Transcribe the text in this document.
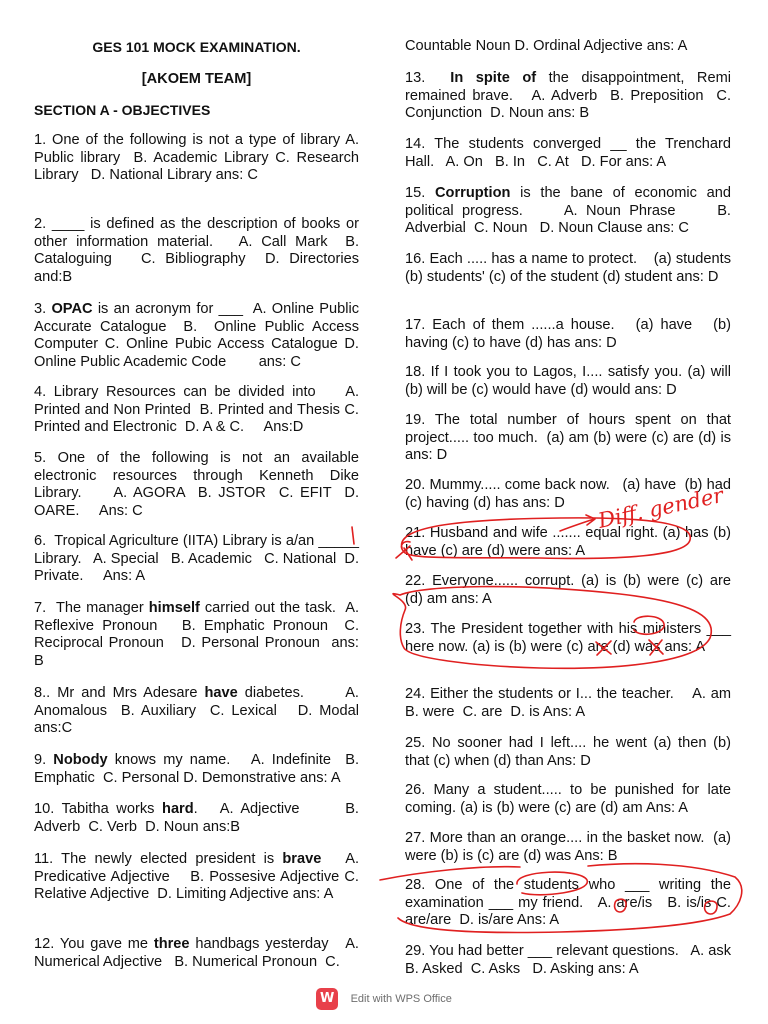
GES 101 MOCK EXAMINATION.

[AKOEM TEAM]

SECTION A - OBJECTIVES

1. One of the following is not a type of library A. Public library  B. Academic Library C. Research Library   D. National Library ans: C

2. ____ is defined as the description of books or other information material.   A. Call Mark  B. Cataloguing   C. Bibliography  D. Directories and:B

3. OPAC is an acronym for ___  A. Online Public Accurate Catalogue  B.  Online Public Access Computer C. Online Pubic Access Catalogue D. Online Public Academic Code        ans: C

4. Library Resources can be divided into    A. Printed and Non Printed  B. Printed and Thesis C. Printed and Electronic  D. A & C.     Ans:D

5. One of the following is not an available electronic resources through Kenneth Dike Library.     A. AGORA  B. JSTOR  C. EFIT  D. OARE.     Ans: C

6.  Tropical Agriculture (IITA) Library is a/an _____ Library.   A. Special   B. Academic   C. National  D. Private.     Ans: A

7.  The manager himself carried out the task.  A. Reflexive Pronoun   B. Emphatic Pronoun  C. Reciprocal Pronoun   D. Personal Pronoun  ans: B

8.. Mr and Mrs Adesare have diabetes.      A. Anomalous  B. Auxiliary  C. Lexical   D. Modal ans:C

9. Nobody knows my name.   A. Indefinite  B. Emphatic  C. Personal D. Demonstrative ans: A

10. Tabitha works hard.   A. Adjective      B. Adverb  C. Verb  D. Noun ans:B

11. The newly elected president is brave   A. Predicative Adjective    B. Possesive Adjective C. Relative Adjective  D. Limiting Adjective ans: A

12. You gave me three handbags yesterday   A. Numerical Adjective   B. Numerical Pronoun  C.

Countable Noun D. Ordinal Adjective ans: A

13.  In spite of the disappointment, Remi remained brave.   A. Adverb  B. Preposition  C. Conjunction  D. Noun ans: B

14. The students converged __ the Trenchard Hall.   A. On   B. In   C. At   D. For ans: A

15. Corruption is the bane of economic and political progress.     A. Noun Phrase     B. Adverbial  C. Noun   D. Noun Clause ans: C

16. Each ..... has a name to protect.    (a) students     (b) students' (c) of the student (d) student ans: D

17. Each of them ......a house.   (a) have   (b) having (c) to have (d) has ans: D

18. If I took you to Lagos, I.... satisfy you. (a) will (b) will be (c) would have (d) would ans: D

19. The total number of hours spent on that project..... too much.  (a) am (b) were (c) are (d) is ans: D

20. Mummy..... come back now.   (a) have  (b) had (c) having (d) has ans: D

21. Husband and wife ....... equal right. (a) has (b) have (c) are (d) were ans: A

22. Everyone...... corrupt. (a) is (b) were (c) are (d) am ans: A

23. The President together with his ministers ___ here now. (a) is (b) were (c) are (d) was ans: A

24. Either the students or I... the teacher.    A. am  B. were  C. are  D. is Ans: A

25. No sooner had I left.... he went (a) then (b) that (c) when (d) than Ans: D

26. Many a student..... to be punished for late coming. (a) is (b) were (c) are (d) am Ans: A

27. More than an orange.... in the basket now.  (a) were (b) is (c) are (d) was Ans: B

28. One of the students who ___ writing the examination ___ my friend.   A. are/is   B. is/is C. are/are  D. is/are Ans: A

29. You had better ___ relevant questions.   A. ask  B. Asked  C. Asks   D. Asking ans: A

Diff. gender
W	Edit with WPS Office
